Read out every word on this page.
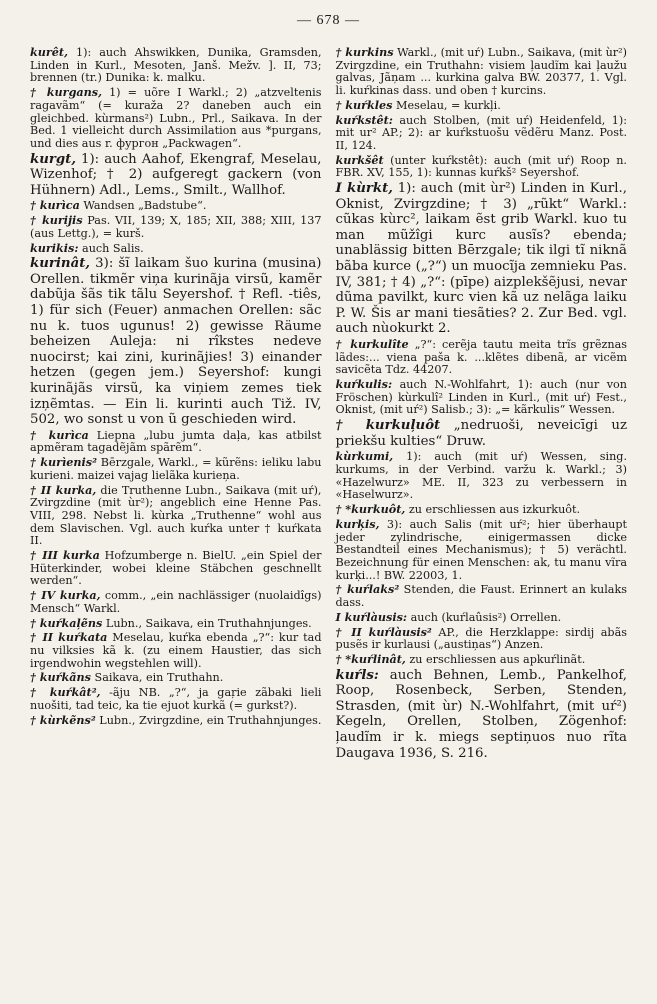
— 678 —

kurêt, 1): auch Ahswikken, Dunika, Gramsden, Linden in Kurl., Mesoten, Janš. Mežv. ]. II, 73; brennen (tr.) Dunika: k. malku.

† kurgans, 1) = uõre I Warkl.; 2) „atzveltenis ragavãm“ (= kuraža 2? daneben auch ein gleichbed. kùrmans²) Lubn., Prl., Saikava. In der Bed. 1 vielleicht durch Assimilation aus *purgans, und dies aus r. фургон „Packwagen“.

kurgt, 1): auch Aahof, Ekengraf, Meselau, Wizenhof; † 2) aufgeregt gackern (von Hühnern) Adl., Lems., Smilt., Wallhof.

† kurìca Wandsen „Badstube“.

† kurijis Pas. VII, 139; X, 185; XII, 388; XIII, 137 (aus Lettg.), = kurš.

kurikis: auch Salis.

kurinât, 3): šĩ laikam šuo kurina (musina) Orellen. tikmẽr viņa kurinãja virsũ, kamẽr dabũja šãs tik tãlu Seyershof. † Refl. -tiês, 1) für sich (Feuer) anmachen Orellen: sãc nu k. tuos ugunus! 2) gewisse Räume beheizen Auleja: ni rîkstes nedeve nuocirst; kai zini, kurinãjies! 3) einander hetzen (gegen jem.) Seyershof: kungi kurinãjãs virsũ, ka viņiem zemes tiek izņẽmtas. — Ein li. kurinti auch Tiž. IV, 502, wo sonst u von ũ geschieden wird.

† kurìca Liepna „lubu jumta daļa, kas atbilst apmẽram tagadẽjãm spãrẽm“.

† kurìenis² Bērzgale, Warkl., = kũrẽns: ieliku labu kurieni. maizei vajag lielãka kurieņa.

† II kurka, die Truthenne Lubn., Saikava (mit uŕ), Zvirgzdine (mit ùr²); angeblich eine Henne Pas. VIII, 298. Nebst li. kùrka „Truthenne“ wohl aus dem Slavischen. Vgl. auch kuŕka unter † kuŕkata II.

† III kurka Hofzumberge n. BielU. „ein Spiel der Hüterkinder, wobei kleine Stäbchen geschnellt werden“.

† IV kurka, comm., „ein nachlässiger (nuolaidîgs) Mensch“ Warkl.

† kuŕkaļẽns Lubn., Saikava, ein Truthahnjunges.

† II kuŕkata Meselau, kuŕka ebenda „?“: kur tad nu vilksies kã k. (zu einem Haustier, das sich irgendwohin wegstehlen will).

† kuŕkãns Saikava, ein Truthahn.

† kuŕkât², -ãju NB. „?“, ja gaŗie zãbaki lieli nuošiti, tad teic, ka tie ejuot kurkã (= gurkst?).

† kùrkẽns² Lubn., Zvirgzdine, ein Truthahnjunges.

† kurkins Warkl., (mit uŕ) Lubn., Saikava, (mit ùr²) Zvirgzdine, ein Truthahn: visiem ļaudĩm kai ļaužu galvas, Jãņam ... kurkina galva BW. 20377, 1. Vgl. li. kuŕkinas dass. und oben † kurcins.

† kuŕkles Meselau, = kurkļi.

kuŕkstêt: auch Stolben, (mit uŕ) Heidenfeld, 1): mit ur² AP.; 2): ar kuŕkstuošu vẽdẽru Manz. Post. II, 124.

kurkšêt (unter kuŕkstêt): auch (mit uŕ) Roop n. FBR. XV, 155, 1): kunnas kuŕkš² Seyershof.

I kùrkt, 1): auch (mit ùr²) Linden in Kurl., Oknist, Zvirgzdine; † 3) „rũkt“ Warkl.: cũkas kùrc², laikam ẽst grib Warkl. kuo tu man mũžîgi kurc ausĩs? ebenda; unablässig bitten Bērzgale; tik ilgi tĩ niknã bãba kurce („?“) un muocĩja zemnieku Pas. IV, 381; † 4) „?“: (pīpe) aizplekšẽjusi, nevar dũma pavilkt, kurc vien kã uz nelãga laiku P. W. Šis ar mani tiesãties? 2. Zur Bed. vgl. auch nùokurkt 2.

† kurkulîte „?“: cerẽja tautu meita trĩs grẽznas lãdes:... viena paša k. ...klẽtes dibenã, ar vicẽm savicẽta Tdz. 44207.

kuŕkulis: auch N.-Wohlfahrt, 1): auch (nur von Fröschen) kùrkulî² Linden in Kurl., (mit uŕ) Fest., Oknist, (mit uŕ²) Salisb.; 3): „= kãrkulis“ Wessen.

† kurkuļuôt „nedruoši, neveicīgi uz priekšu kulties“ Druw.

kùrkumi, 1): auch (mit uŕ) Wessen, sing. kurkums, in der Verbind. varžu k. Warkl.; 3) «Hazelwurz» ME. II, 323 zu verbessern in «Haselwurz».

† *kurkuôt, zu erschliessen aus izkurkuôt.

kurķis, 3): auch Salis (mit uŕ²; hier überhaupt jeder zylindrische, einigermassen dicke Bestandteil eines Mechanismus); † 5) verächtl. Bezeichnung für einen Menschen: ak, tu manu vĩra kurķi...! BW. 22003, 1.

† kuŕlaks² Stenden, die Faust. Erinnert an kulaks dass.

I kuŕlàusis: auch (kuŕlaûsis²) Orrellen.

† II kuŕlàusis² AP., die Herzklappe: sirdij abãs pusẽs ir kurlausi („austiņas“) Anzen.

† *kuŕlinât, zu erschliessen aus apkuŕlinãt.

kuŕls: auch Behnen, Lemb., Pankelhof, Roop, Rosenbeck, Serben, Stenden, Strasden, (mit ùr) N.-Wohlfahrt, (mit uŕ²) Kegeln, Orellen, Stolben, Zögenhof: ļaudĩm ir k. miegs septiņuos nuo rĩta Daugava 1936, S. 216.
